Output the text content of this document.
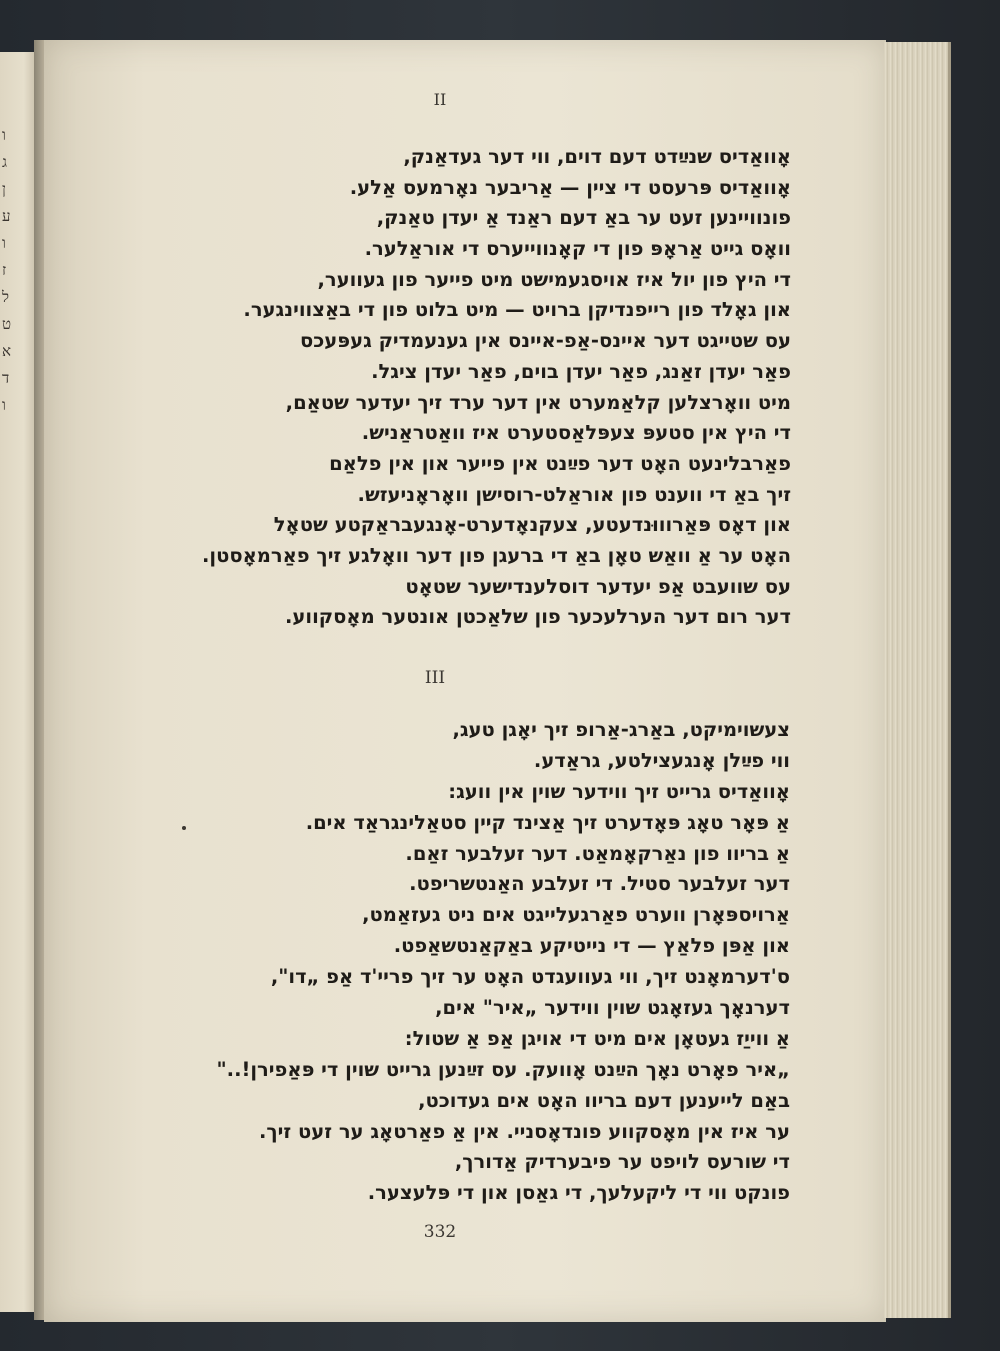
ו
ג
ן
ע
ו
ז
ל
ט
א
ד
ו
II
אָוואַדיס שנײַדט דעם דוים, ווי דער געדאַנק,
אָוואַדיס פּרעסט די ציין — אַריבער נאָרמעס אַלע.
פונוויינען זעט ער באַ דעם ראַנד אַ יעדן טאַנק,
וואָס גייט אַראָפּ פון די קאָנווייערס די אוראַלער.
די היץ פון יול איז אויסגעמישט מיט פייער פון געווער,
און גאָלד פון רייפנדיקן ברויט — מיט בלוט פון די באַצווינגער.
עס שטייגט דער איינס-אַפ-איינס אין גענעמדיק געפּעכס
פאַר יעדן זאַנג, פאַר יעדן בוים, פאַר יעדן ציגל.
מיט וואָרצלען קלאַמערט אין דער ערד זיך יעדער שטאַם,
די היץ אין סטעפּ צעפּלאַסטערט איז וואַטראַניש.
פאַרבלינעט האָט דער פײַנט אין פייער און אין פלאַם
זיך באַ די ווענט פון אוראַלט-רוסישן וואָראָניעזש.
און דאָס פּאַרוווּנדעטע, צעקנאָדערט-אָנגעבראַקטע שטאָל
האָט ער אַ וואַש טאָן באַ די ברעגן פון דער וואָלגע זיך פאַרמאָסטן.
עס שוועבט אַפ יעדער דוסלענדישער שטאָט
דער רום דער הערלעכער פון שלאַכטן אונטער מאָסקווע.
III
צעשוימיקט, באַרג-אַרופ זיך יאָגן טעג,
ווי פײַלן אָנגעצילטע, גראַדע.
אָוואַדיס גרייט זיך ווידער שוין אין וועג:
אַ פּאָר טאָג פּאָדערט זיך אַצינד קיין סטאַלינגראַד אים.
אַ בריוו פון נאַרקאָמאַט. דער זעלבער זאַם.
דער זעלבער סטיל. די זעלבע האַנטשריפט.
אַרויספּאָרן ווערט פאַרגעלייגט אים ניט געזאַמט,
און אַפּן פלאַץ — די נייטיקע באַקאַנטשאַפט.
ס'דערמאָנט זיך, ווי געוועגדט האָט ער זיך פריי'ד אַפ „דו",
דערנאָך געזאָגט שוין ווידער „איר" אים,
אַ ווייַז געטאָן אים מיט די אויגן אַפ אַ שטול:
„איר פאָרט נאָך הײַנט אָוועק. עס זײַנען גרייט שוין די פּאַפירן!.."
באַם לייענען דעם בריוו האָט אים געדוכט,
ער איז אין מאָסקווע פונדאָסניי. אין אַ פאַרטאָג ער זעט זיך.
די שורעס לויפט ער פיבערדיק אַדורך,
פונקט ווי די ליקעלעך, די גאַסן און די פּלעצער.
332
